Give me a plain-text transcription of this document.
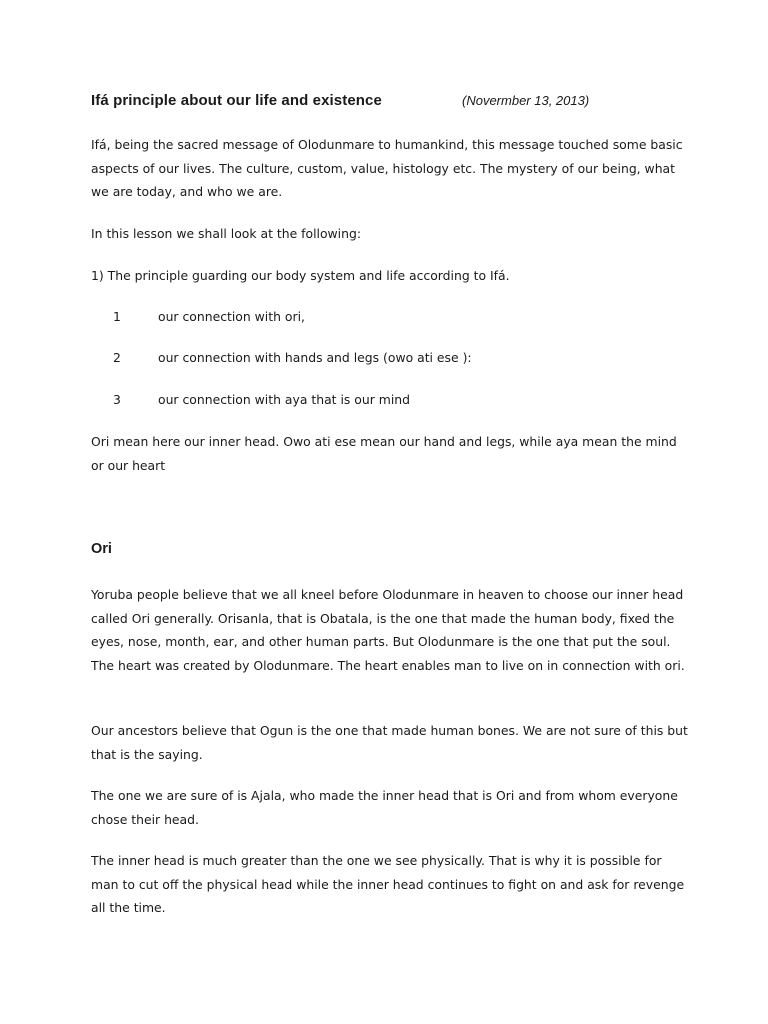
Ifá principle about our life and existence	(Novermber 13, 2013)

Ifá, being the sacred message of Olodunmare to humankind, this message touched some basic aspects of our lives. The culture, custom, value, histology etc. The mystery of our being, what we are today, and who we are.

In this lesson we shall look at the following:

1) The principle guarding our body system and life according to Ifá.

1	our connection with ori,
2	our connection with hands and legs (owo ati ese ):
3	our connection with aya that is our mind

Ori mean here our inner head. Owo ati ese mean our hand and legs, while aya mean the mind or our heart

Ori

Yoruba people believe that we all kneel before Olodunmare in heaven to choose our inner head called Ori generally. Orisanla, that is Obatala, is the one that made the human body, fixed the eyes, nose, month, ear, and other human parts. But Olodunmare is the one that put the soul. The heart was created by Olodunmare. The heart enables man to live on in connection with ori.

Our ancestors believe that Ogun is the one that made human bones. We are not sure of this but that is the saying.

The one we are sure of is Ajala, who made the inner head that is Ori and from whom everyone chose their head.

The inner head is much greater than the one we see physically. That is why it is possible for man to cut off the physical head while the inner head continues to fight on and ask for revenge all the time.
